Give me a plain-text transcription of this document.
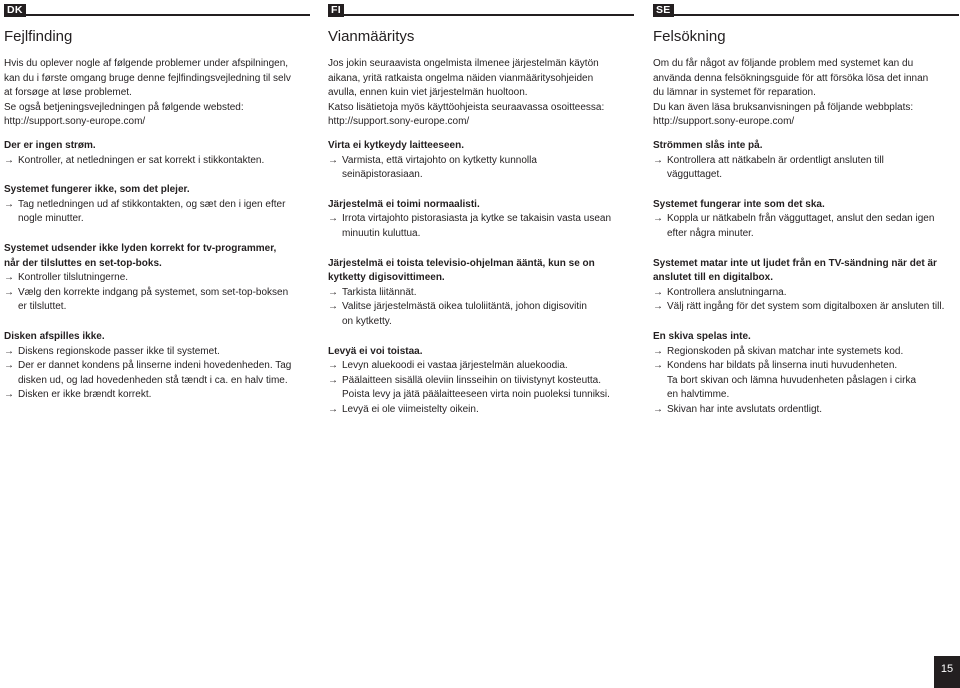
DK
Fejlfinding
Hvis du oplever nogle af følgende problemer under afspilningen,
kan du i første omgang bruge denne fejlfindingsvejledning til selv
at forsøge at løse problemet.
Se også betjeningsvejledningen på følgende websted:
http://support.sony-europe.com/
Der er ingen strøm.
→ Kontroller, at netledningen er sat korrekt i stikkontakten.
Systemet fungerer ikke, som det plejer.
→ Tag netledningen ud af stikkontakten, og sæt den i igen efter
nogle minutter.
Systemet udsender ikke lyden korrekt for tv-programmer,
når der tilsluttes en set-top-boks.
→ Kontroller tilslutningerne.
→ Vælg den korrekte indgang på systemet, som set-top-boksen
er tilsluttet.
Disken afspilles ikke.
→ Diskens regionskode passer ikke til systemet.
→ Der er dannet kondens på linserne indeni hovedenheden. Tag
disken ud, og lad hovedenheden stå tændt i ca. en halv time.
→ Disken er ikke brændt korrekt.
FI
Vianmääritys
Jos jokin seuraavista ongelmista ilmenee järjestelmän käytön
aikana, yritä ratkaista ongelma näiden vianmääritysohjeiden
avulla, ennen kuin viet järjestelmän huoltoon.
Katso lisätietoja myös käyttöohjeista seuraavassa osoitteessa:
http://support.sony-europe.com/
Virta ei kytkeydy laitteeseen.
→ Varmista, että virtajohto on kytketty kunnolla
seinäpistorasiaan.
Järjestelmä ei toimi normaalisti.
→ Irrota virtajohto pistorasiasta ja kytke se takaisin vasta usean
minuutin kuluttua.
Järjestelmä ei toista televisio-ohjelman ääntä, kun se on
kytketty digisovittimeen.
→ Tarkista liitännät.
→ Valitse järjestelmästä oikea tuloliitäntä, johon digisovitin
on kytketty.
Levyä ei voi toistaa.
→ Levyn aluekoodi ei vastaa järjestelmän aluekoodia.
→ Päälaitteen sisällä oleviin linsseihin on tiivistynyt kosteutta.
Poista levy ja jätä päälaitteeseen virta noin puoleksi tunniksi.
→ Levyä ei ole viimeistelty oikein.
SE
Felsökning
Om du får något av följande problem med systemet kan du
använda denna felsökningsguide för att försöka lösa det innan
du lämnar in systemet för reparation.
Du kan även läsa bruksanvisningen på följande webbplats:
http://support.sony-europe.com/
Strömmen slås inte på.
→ Kontrollera att nätkabeln är ordentligt ansluten till
vägguttaget.
Systemet fungerar inte som det ska.
→ Koppla ur nätkabeln från vägguttaget, anslut den sedan igen
efter några minuter.
Systemet matar inte ut ljudet från en TV-sändning när det är
anslutet till en digitalbox.
→ Kontrollera anslutningarna.
→ Välj rätt ingång för det system som digitalboxen är ansluten till.
En skiva spelas inte.
→ Regionskoden på skivan matchar inte systemets kod.
→ Kondens har bildats på linserna inuti huvudenheten.
Ta bort skivan och lämna huvudenheten påslagen i cirka
en halvtimme.
→ Skivan har inte avslutats ordentligt.
15
